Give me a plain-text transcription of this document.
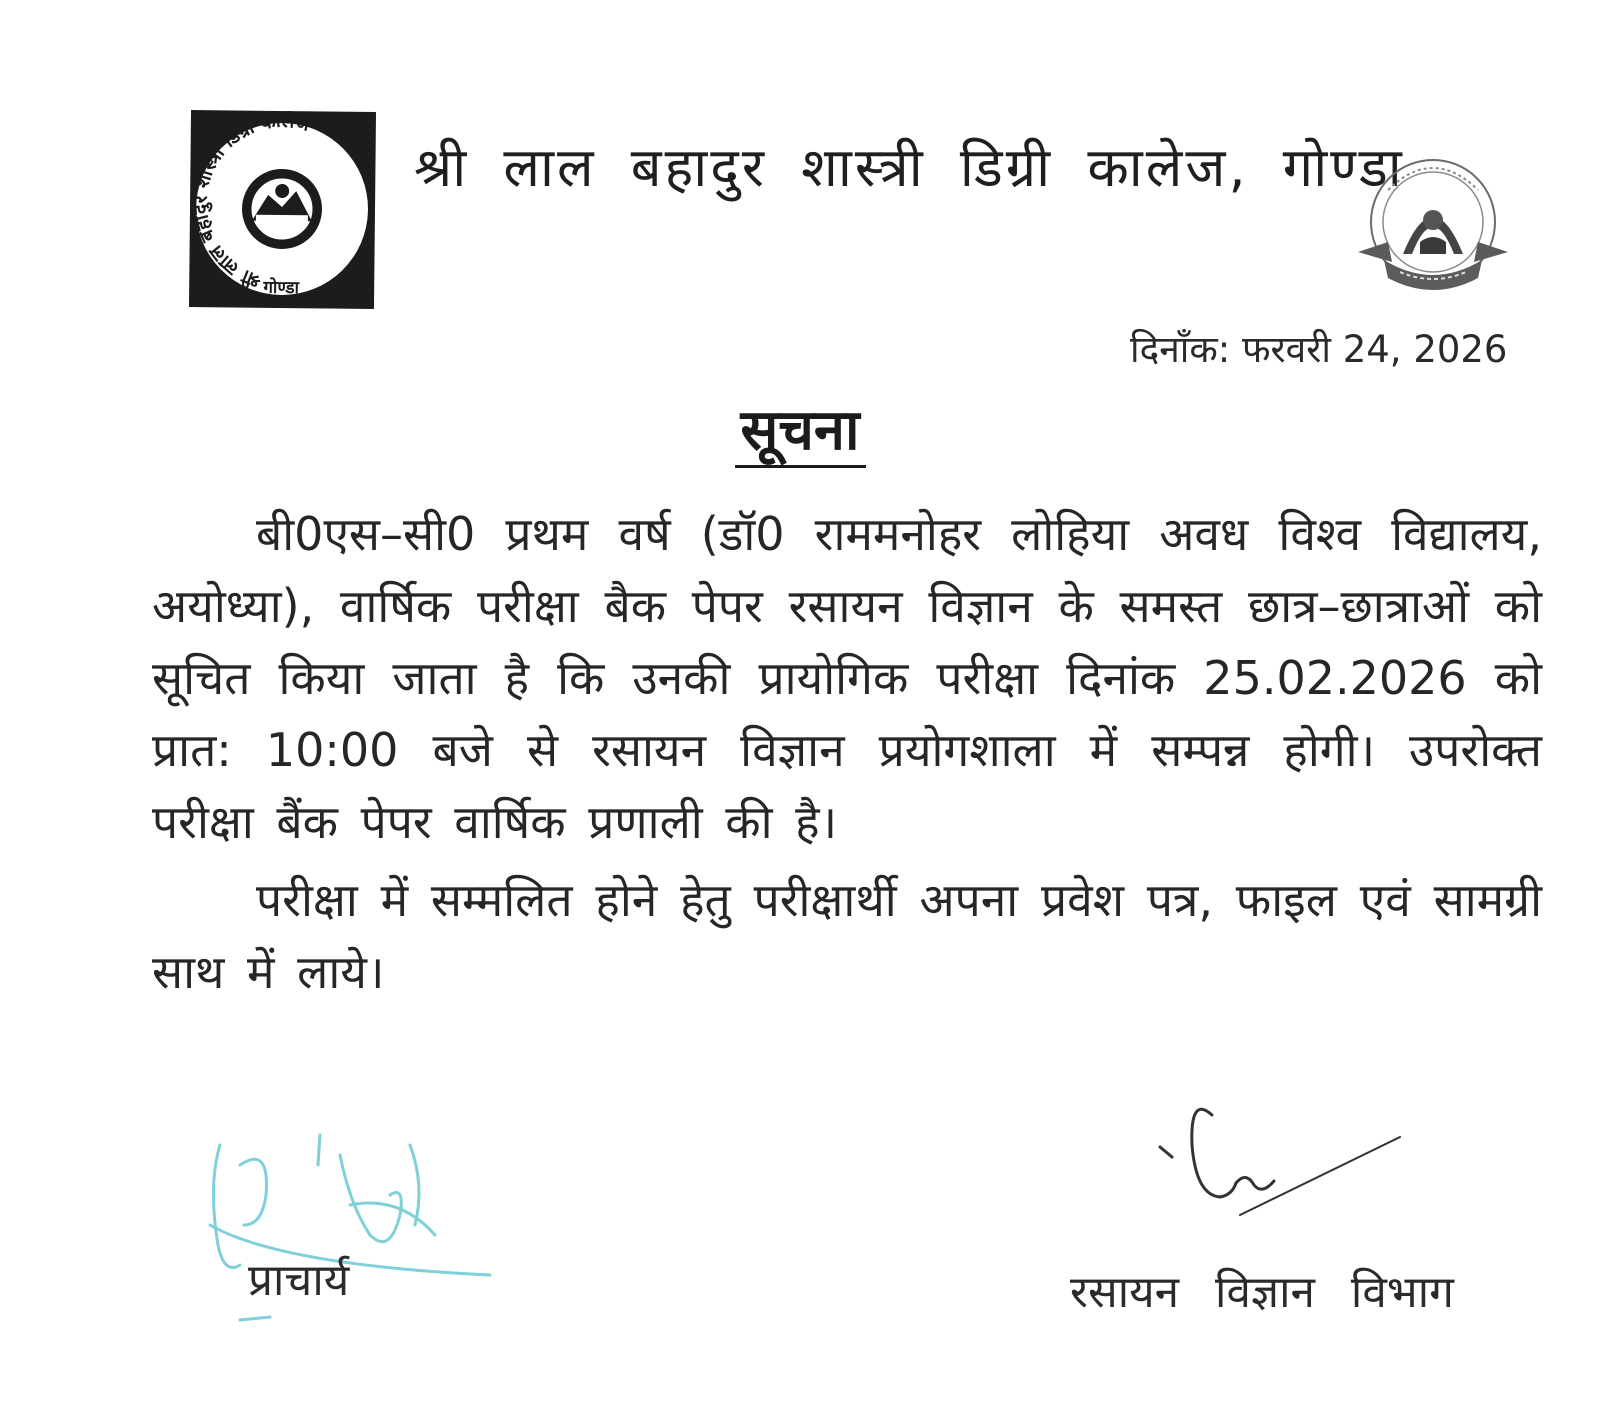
श्री लाल बहादुर शास्त्री डिग्री कालेज
गोण्डा
श्री लाल बहादुर शास्त्री डिग्री कालेज, गोण्डा
दिनाँक: फरवरी 24, 2026
सूचना

बी0एस–सी0 प्रथम वर्ष (डॉ0 राममनोहर लोहिया अवध विश्व विद्यालय, अयोध्या), वार्षिक परीक्षा बैक पेपर रसायन विज्ञान के समस्त छात्र–छात्राओं को सूचित किया जाता है कि उनकी प्रायोगिक परीक्षा दिनांक 25.02.2026 को प्रात: 10:00 बजे से रसायन विज्ञान प्रयोगशाला में सम्पन्न होगी। उपरोक्त परीक्षा बैंक पेपर वार्षिक प्रणाली की है।

परीक्षा में सम्मलित होने हेतु परीक्षार्थी अपना प्रवेश पत्र, फाइल एवं सामग्री साथ में लाये।

प्राचार्य	रसायन विज्ञान विभाग
